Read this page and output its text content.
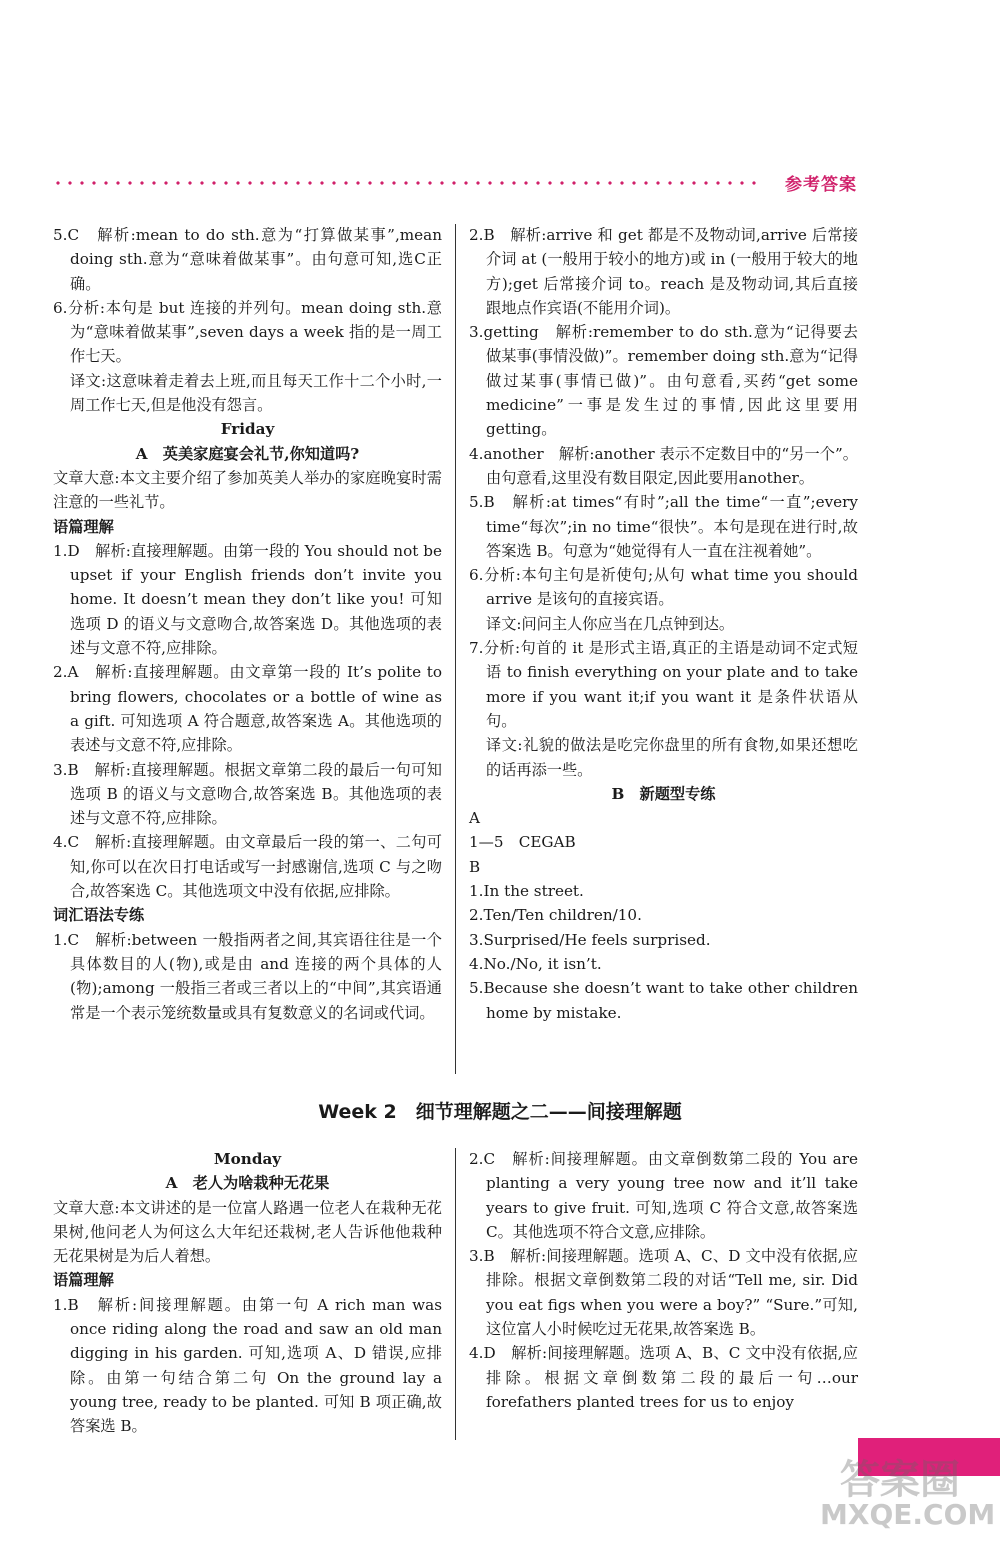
参考答案

5.C　解析:mean to do sth.意为“打算做某事”,mean doing sth.意为“意味着做某事”。由句意可知,选C正确。

6.分析:本句是 but 连接的并列句。mean doing sth.意为“意味着做某事”,seven days a week 指的是一周工作七天。

译文:这意味着走着去上班,而且每天工作十二个小时,一周工作七天,但是他没有怨言。

Friday

A　英美家庭宴会礼节,你知道吗?

文章大意:本文主要介绍了参加英美人举办的家庭晚宴时需注意的一些礼节。

语篇理解

1.D　解析:直接理解题。由第一段的 You should not be upset if your English friends don’t invite you home. It doesn’t mean they don’t like you! 可知选项 D 的语义与文意吻合,故答案选 D。其他选项的表述与文意不符,应排除。

2.A　解析:直接理解题。由文章第一段的 It’s polite to bring flowers, chocolates or a bottle of wine as a gift. 可知选项 A 符合题意,故答案选 A。其他选项的表述与文意不符,应排除。

3.B　解析:直接理解题。根据文章第二段的最后一句可知选项 B 的语义与文意吻合,故答案选 B。其他选项的表述与文意不符,应排除。

4.C　解析:直接理解题。由文章最后一段的第一、二句可知,你可以在次日打电话或写一封感谢信,选项 C 与之吻合,故答案选 C。其他选项文中没有依据,应排除。

词汇语法专练

1.C　解析:between 一般指两者之间,其宾语往往是一个具体数目的人(物),或是由 and 连接的两个具体的人(物);among 一般指三者或三者以上的“中间”,其宾语通常是一个表示笼统数量或具有复数意义的名词或代词。

2.B　解析:arrive 和 get 都是不及物动词,arrive 后常接介词 at (一般用于较小的地方)或 in (一般用于较大的地方);get 后常接介词 to。reach 是及物动词,其后直接跟地点作宾语(不能用介词)。

3.getting　解析:remember to do sth.意为“记得要去做某事(事情没做)”。remember doing sth.意为“记得做过某事(事情已做)”。由句意看,买药“get some medicine”一事是发生过的事情,因此这里要用 getting。

4.another　解析:another 表示不定数目中的“另一个”。由句意看,这里没有数目限定,因此要用another。

5.B　解析:at times“有时”;all the time“一直”;every time“每次”;in no time“很快”。本句是现在进行时,故答案选 B。句意为“她觉得有人一直在注视着她”。

6.分析:本句主句是祈使句;从句 what time you should arrive 是该句的直接宾语。

译文:问问主人你应当在几点钟到达。

7.分析:句首的 it 是形式主语,真正的主语是动词不定式短语 to finish everything on your plate and to take more if you want it;if you want it 是条件状语从句。

译文:礼貌的做法是吃完你盘里的所有食物,如果还想吃的话再添一些。

B　新题型专练

A

1—5　CEGAB

B

1.In the street.

2.Ten/Ten children/10.

3.Surprised/He feels surprised.

4.No./No, it isn’t.

5.Because she doesn’t want to take other children home by mistake.

Week 2　细节理解题之二——间接理解题

Monday

A　老人为啥栽种无花果

文章大意:本文讲述的是一位富人路遇一位老人在栽种无花果树,他问老人为何这么大年纪还栽树,老人告诉他他栽种无花果树是为后人着想。

语篇理解

1.B　解析:间接理解题。由第一句 A rich man was once riding along the road and saw an old man digging in his garden. 可知,选项 A、D 错误,应排除。由第一句结合第二句 On the ground lay a young tree, ready to be planted. 可知 B 项正确,故答案选 B。

2.C　解析:间接理解题。由文章倒数第二段的 You are planting a very young tree now and it’ll take years to give fruit. 可知,选项 C 符合文意,故答案选 C。其他选项不符合文意,应排除。

3.B　解析:间接理解题。选项 A、C、D 文中没有依据,应排除。根据文章倒数第二段的对话“Tell me, sir. Did you eat figs when you were a boy?” “Sure.”可知,这位富人小时候吃过无花果,故答案选 B。

4.D　解析:间接理解题。选项 A、B、C 文中没有依据,应排除。根据文章倒数第二段的最后一句…our forefathers planted trees for us to enjoy

答案圈
MXQE.COM
